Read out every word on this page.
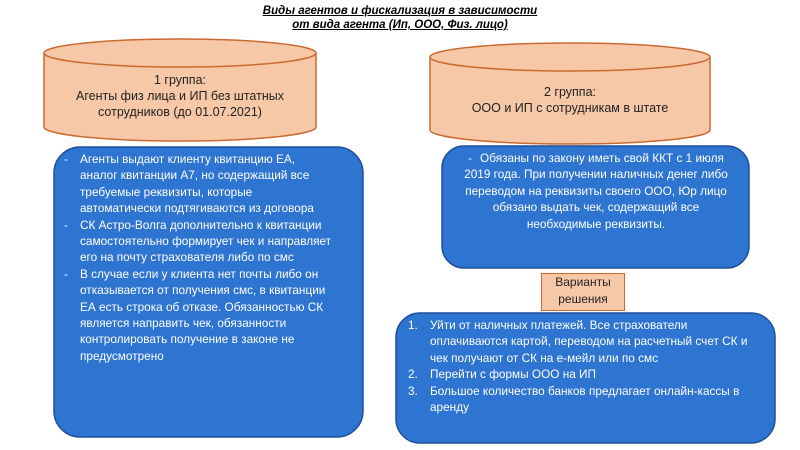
Виды агентов и фискализация в зависимости
от вида агента (Ип, ООО, Физ. лицо)
1 группа:
Агенты физ лица и ИП без штатных
сотрудников (до 01.07.2021)
2 группа:
ООО и ИП с сотрудникам в штате
- Агенты выдают клиенту квитанцию ЕА, аналог квитанции А7, но содержащий все требуемые реквизиты, которые автоматически подтягиваются из договора
- СК Астро-Волга дополнительно к квитанции самостоятельно формирует чек и направляет его на почту страхователя либо по смс
- В случае если у клиента нет почты либо он отказывается от получения смс, в квитанции ЕА есть строка об отказе. Обязанностью СК является направить чек, обязанности контролировать получение в законе не предусмотрено
- Обязаны по закону иметь свой ККТ с 1 июля 2019 года. При получении наличных денег либо переводом на реквизиты своего ООО, Юр лицо обязано выдать чек, содержащий все необходимые реквизиты.
Варианты
решения
1. Уйти от наличных платежей. Все страхователи оплачиваются картой, переводом на расчетный счет СК и чек получают от СК на е-мейл или по смс
2. Перейти с формы ООО на ИП
3. Большое количество банков предлагает онлайн-кассы в аренду
